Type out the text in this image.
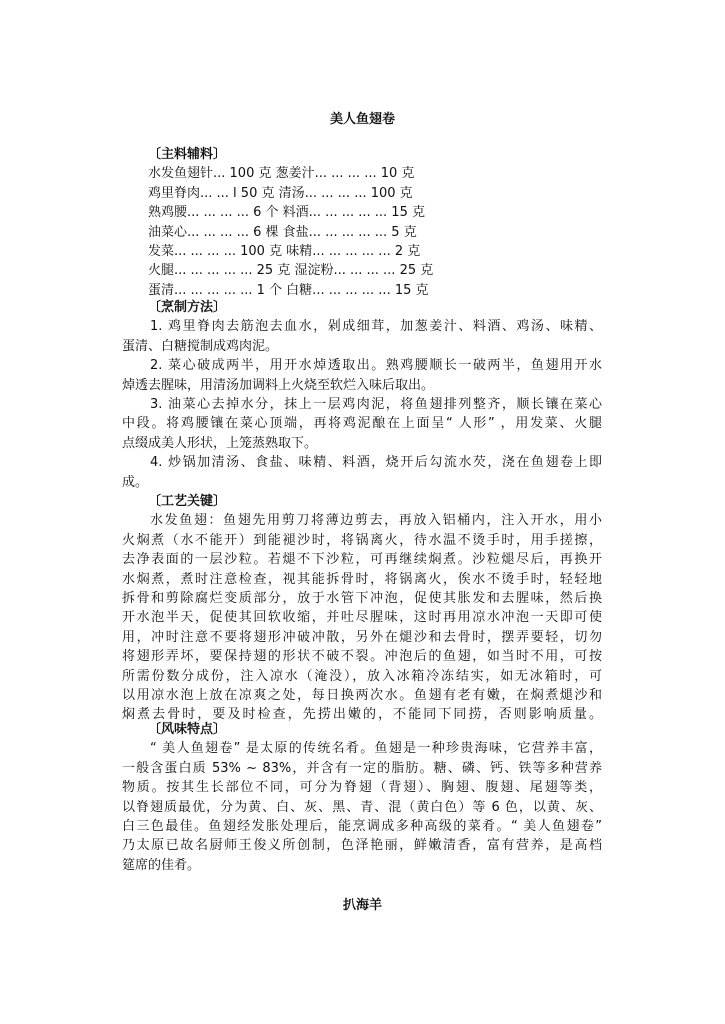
美人鱼翅卷
〔主料辅料〕
水发鱼翅针... 100 克 葱姜汁... ... ... ... 10 克
鸡里脊肉... ... l 50 克 清汤... ... ... ... 100 克
熟鸡腰... ... ... ... 6 个 料酒... ... ... ... ... 15 克
油菜心... ... ... ... 6 棵 食盐... ... ... ... ... 5 克
发菜... ... ... ... 100 克 味精... ... ... ... ... 2 克
火腿... ... ... ... ... 25 克 湿淀粉... ... ... ... 25 克
蛋清... ... ... ... ... 1 个 白糖... ... ... ... ... 15 克
〔烹制方法〕
1. 鸡里脊肉去筋泡去血水，剁成细茸，加葱姜汁、料酒、鸡汤、味精、
蛋清、白糖搅制成鸡肉泥。
2. 菜心破成两半，用开水焯透取出。熟鸡腰顺长一破两半，鱼翅用开水
焯透去腥味，用清汤加调料上火烧至软烂入味后取出。
3. 油菜心去掉水分，抹上一层鸡肉泥，将鱼翅排列整齐，顺长镶在菜心
中段。将鸡腰镶在菜心顶端，再将鸡泥酿在上面呈“ 人形” ，用发菜、火腿
点缀成美人形状，上笼蒸熟取下。
4. 炒锅加清汤、食盐、味精、料酒，烧开后勾流水芡，浇在鱼翅卷上即
成。
〔工艺关键〕
水发鱼翅：鱼翅先用剪刀将薄边剪去，再放入铝桶内，注入开水，用小
火焖煮（水不能开）到能褪沙时，将锅离火，待水温不烫手时，用手搓擦，
去净表面的一层沙粒。若煺不下沙粒，可再继续焖煮。沙粒煺尽后，再换开
水焖煮，煮时注意检查，视其能拆骨时，将锅离火，俟水不烫手时，轻轻地
拆骨和剪除腐烂变质部分，放于水管下冲泡，促使其胀发和去腥味，然后换
开水泡半天，促使其回软收缩，并吐尽腥味，这时再用凉水冲泡一天即可使
用，冲时注意不要将翅形冲破冲散，另外在煺沙和去骨时，摆弄要轻，切勿
将翅形弄坏，要保持翅的形状不破不裂。冲泡后的鱼翅，如当时不用，可按
所需份数分成份，注入凉水（淹没），放入冰箱冷冻结实，如无冰箱时，可
以用凉水泡上放在凉爽之处，每日换两次水。鱼翅有老有嫩，在焖煮煺沙和
焖煮去骨时，要及时检查，先捞出嫩的，不能同下同捞，否则影响质量。
〔风味特点〕
“ 美人鱼翅卷” 是太原的传统名肴。鱼翅是一种珍贵海味，它营养丰富，
一般含蛋白质 53% ~ 83%，并含有一定的脂肪。糖、磷、钙、铁等多种营养
物质。按其生长部位不同，可分为脊翅（背翅）、胸翅、腹翅、尾翅等类，
以脊翅质最优，分为黄、白、灰、黑、青、混（黄白色）等 6 色，以黄、灰、
白三色最佳。鱼翅经发胀处理后，能烹调成多种高级的菜肴。“ 美人鱼翅卷”
乃太原已故名厨师王俊义所创制，色泽艳丽，鲜嫩清香，富有营养，是高档
筵席的佳肴。
扒海羊
